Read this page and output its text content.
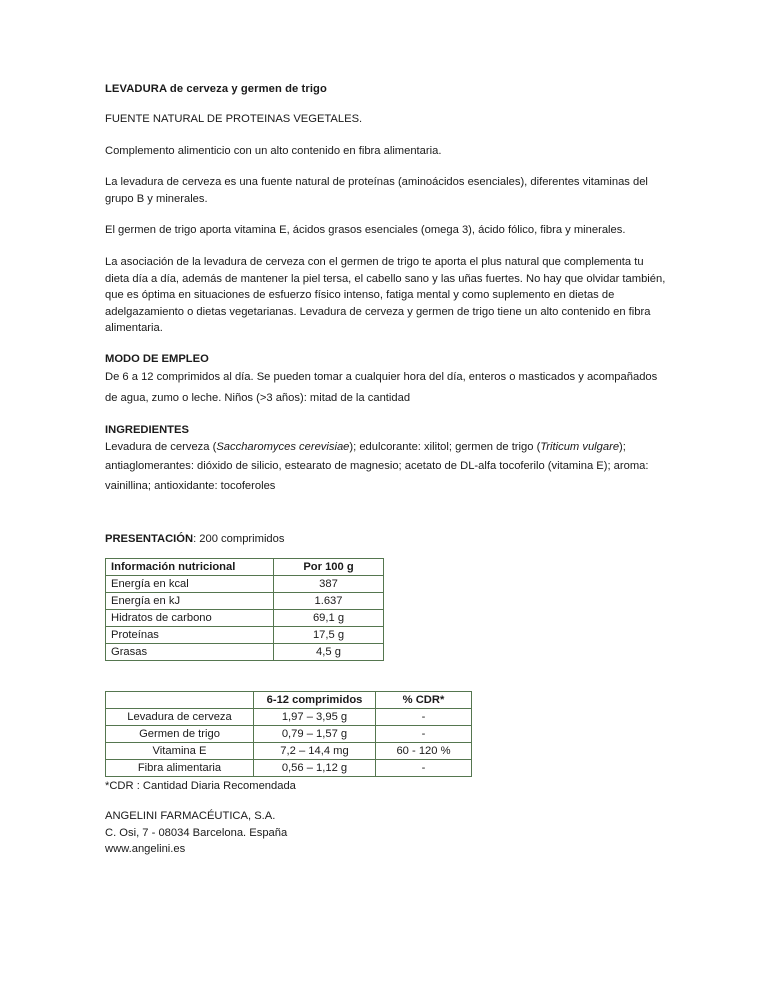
LEVADURA de cerveza y germen de trigo

FUENTE NATURAL DE PROTEINAS VEGETALES.

Complemento alimenticio con un alto contenido en fibra alimentaria.

La levadura de cerveza es una fuente natural de proteínas (aminoácidos esenciales), diferentes vitaminas del grupo B y minerales.

El germen de trigo aporta vitamina E, ácidos grasos esenciales (omega 3), ácido fólico, fibra y minerales.

La asociación de la levadura de cerveza con el germen de trigo te aporta el plus natural que complementa tu dieta día a día, además de mantener la piel tersa, el cabello sano y las uñas fuertes. No hay que olvidar también, que es óptima en situaciones de esfuerzo físico intenso, fatiga mental y como suplemento en dietas de adelgazamiento o dietas vegetarianas. Levadura de cerveza y germen de trigo tiene un alto contenido en fibra alimentaria.

MODO DE EMPLEO

De 6 a 12 comprimidos al día. Se pueden tomar a cualquier hora del día, enteros o masticados y acompañados de agua, zumo o leche. Niños (>3 años): mitad de la cantidad

INGREDIENTES

Levadura de cerveza (Saccharomyces cerevisiae); edulcorante: xilitol; germen de trigo (Triticum vulgare); antiaglomerantes: dióxido de silicio, estearato de magnesio; acetato de DL-alfa tocoferilo (vitamina E); aroma: vainillina; antioxidante: tocoferoles

PRESENTACIÓN: 200 comprimidos

Información nutricional	Por 100 g
Energía en kcal	387
Energía en kJ	1.637
Hidratos de carbono	69,1 g
Proteínas	17,5 g
Grasas	4,5 g
	6-12 comprimidos	% CDR*
Levadura de cerveza	1,97 – 3,95 g	-
Germen de trigo	0,79 – 1,57 g	-
Vitamina E	7,2 – 14,4 mg	60 - 120 %
Fibra alimentaria	0,56 – 1,12 g	-

*CDR : Cantidad Diaria Recomendada

ANGELINI FARMACÉUTICA, S.A.

C. Osi, 7 - 08034 Barcelona. España

www.angelini.es
